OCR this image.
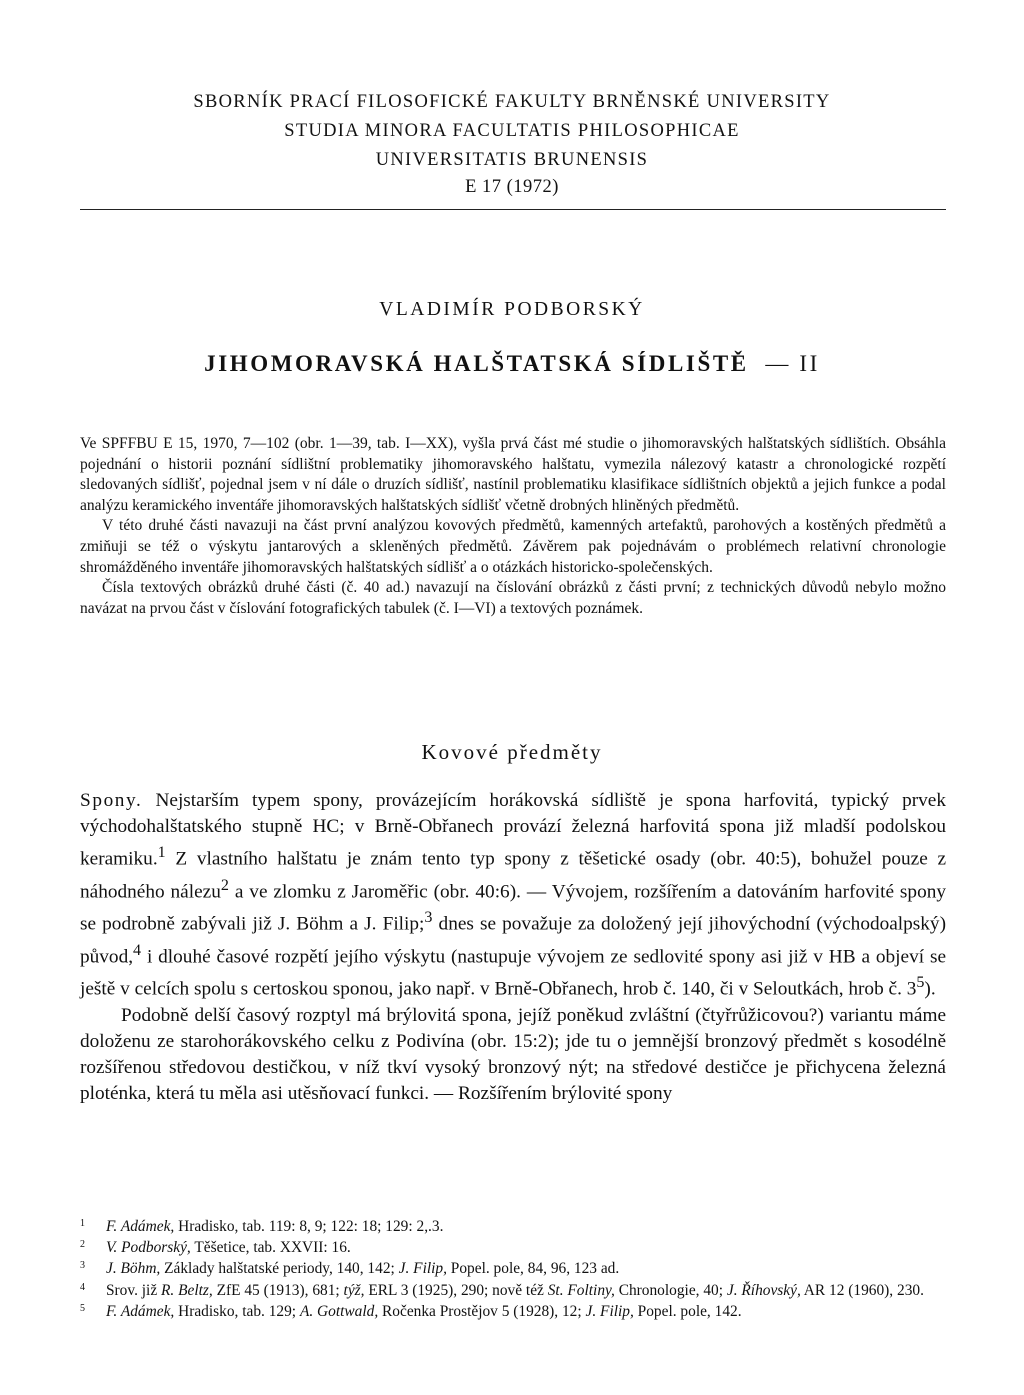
SBORNÍK PRACÍ FILOSOFICKÉ FAKULTY BRNĚNSKÉ UNIVERSITY
STUDIA MINORA FACULTATIS PHILOSOPHICAE
UNIVERSITATIS BRUNENSIS
E 17 (1972)
VLADIMÍR PODBORSKÝ
JIHOMORAVSKÁ HALŠTATSKÁ SÍDLIŠTĚ — II

Ve SPFFBU E 15, 1970, 7—102 (obr. 1—39, tab. I—XX), vyšla prvá část mé studie o jihomoravských halštatských sídlištích. Obsáhla pojednání o historii poznání sídlištní problematiky jihomoravského halštatu, vymezila nálezový katastr a chronologické rozpětí sledovaných sídlišť, pojednal jsem v ní dále o druzích sídlišť, nastínil problematiku klasifikace sídlištních objektů a jejich funkce a podal analýzu keramického inventáře jihomoravských halštatských sídlišť včetně drobných hliněných předmětů.

V této druhé části navazuji na část první analýzou kovových předmětů, kamenných artefaktů, parohových a kostěných předmětů a zmiňuji se též o výskytu jantarových a skleněných předmětů. Závěrem pak pojednávám o problémech relativní chronologie shromážděného inventáře jihomoravských halštatských sídlišť a o otázkách historicko-společenských.

Čísla textových obrázků druhé části (č. 40 ad.) navazují na číslování obrázků z části první; z technických důvodů nebylo možno navázat na prvou část v číslování fotografických tabulek (č. I—VI) a textových poznámek.

Kovové předměty

Spony. Nejstarším typem spony, provázejícím horákovská sídliště je spona harfovitá, typický prvek východohalštatského stupně HC; v Brně-Obřanech provází železná harfovitá spona již mladší podolskou keramiku.$^1$ Z vlastního halštatu je znám tento typ spony z těšetické osady (obr. 40:5), bohužel pouze z náhodného nálezu$^2$ a ve zlomku z Jaroměřic (obr. 40:6). — Vývojem, rozšířením a datováním harfovité spony se podrobně zabývali již J. Böhm a J. Filip;$^3$ dnes se považuje za doložený její jihovýchodní (východoalpský) původ,$^4$ i dlouhé časové rozpětí jejího výskytu (nastupuje vývojem ze sedlovité spony asi již v HB a objeví se ještě v celcích spolu s certoskou sponou, jako např. v Brně-Obřanech, hrob č. 140, či v Seloutkách, hrob č. $3^5$).

Podobně delší časový rozptyl má brýlovitá spona, jejíž poněkud zvláštní (čtyřrůžicovou?) variantu máme doloženu ze starohorákovského celku z Podivína (obr. 15:2); jde tu o jemnější bronzový předmět s kosodélně rozšířenou středovou destičkou, v níž tkví vysoký bronzový nýt; na středové destičce je přichycena železná ploténka, která tu měla asi utěsňovací funkci. — Rozšířením brýlovité spony

1 F. Adámek, Hradisko, tab. 119: 8, 9; 122: 18; 129: 2,.3.
2 V. Podborský, Těšetice, tab. XXVII: 16.
3 J. Böhm, Základy halštatské periody, 140, 142; J. Filip, Popel. pole, 84, 96, 123 ad.
4 Srov. již R. Beltz, ZfE 45 (1913), 681; týž, ERL 3 (1925), 290; nově též St. Foltiny, Chronologie, 40; J. Říhovský, AR 12 (1960), 230.
5 F. Adámek, Hradisko, tab. 129; A. Gottwald, Ročenka Prostějov 5 (1928), 12; J. Filip, Popel. pole, 142.
